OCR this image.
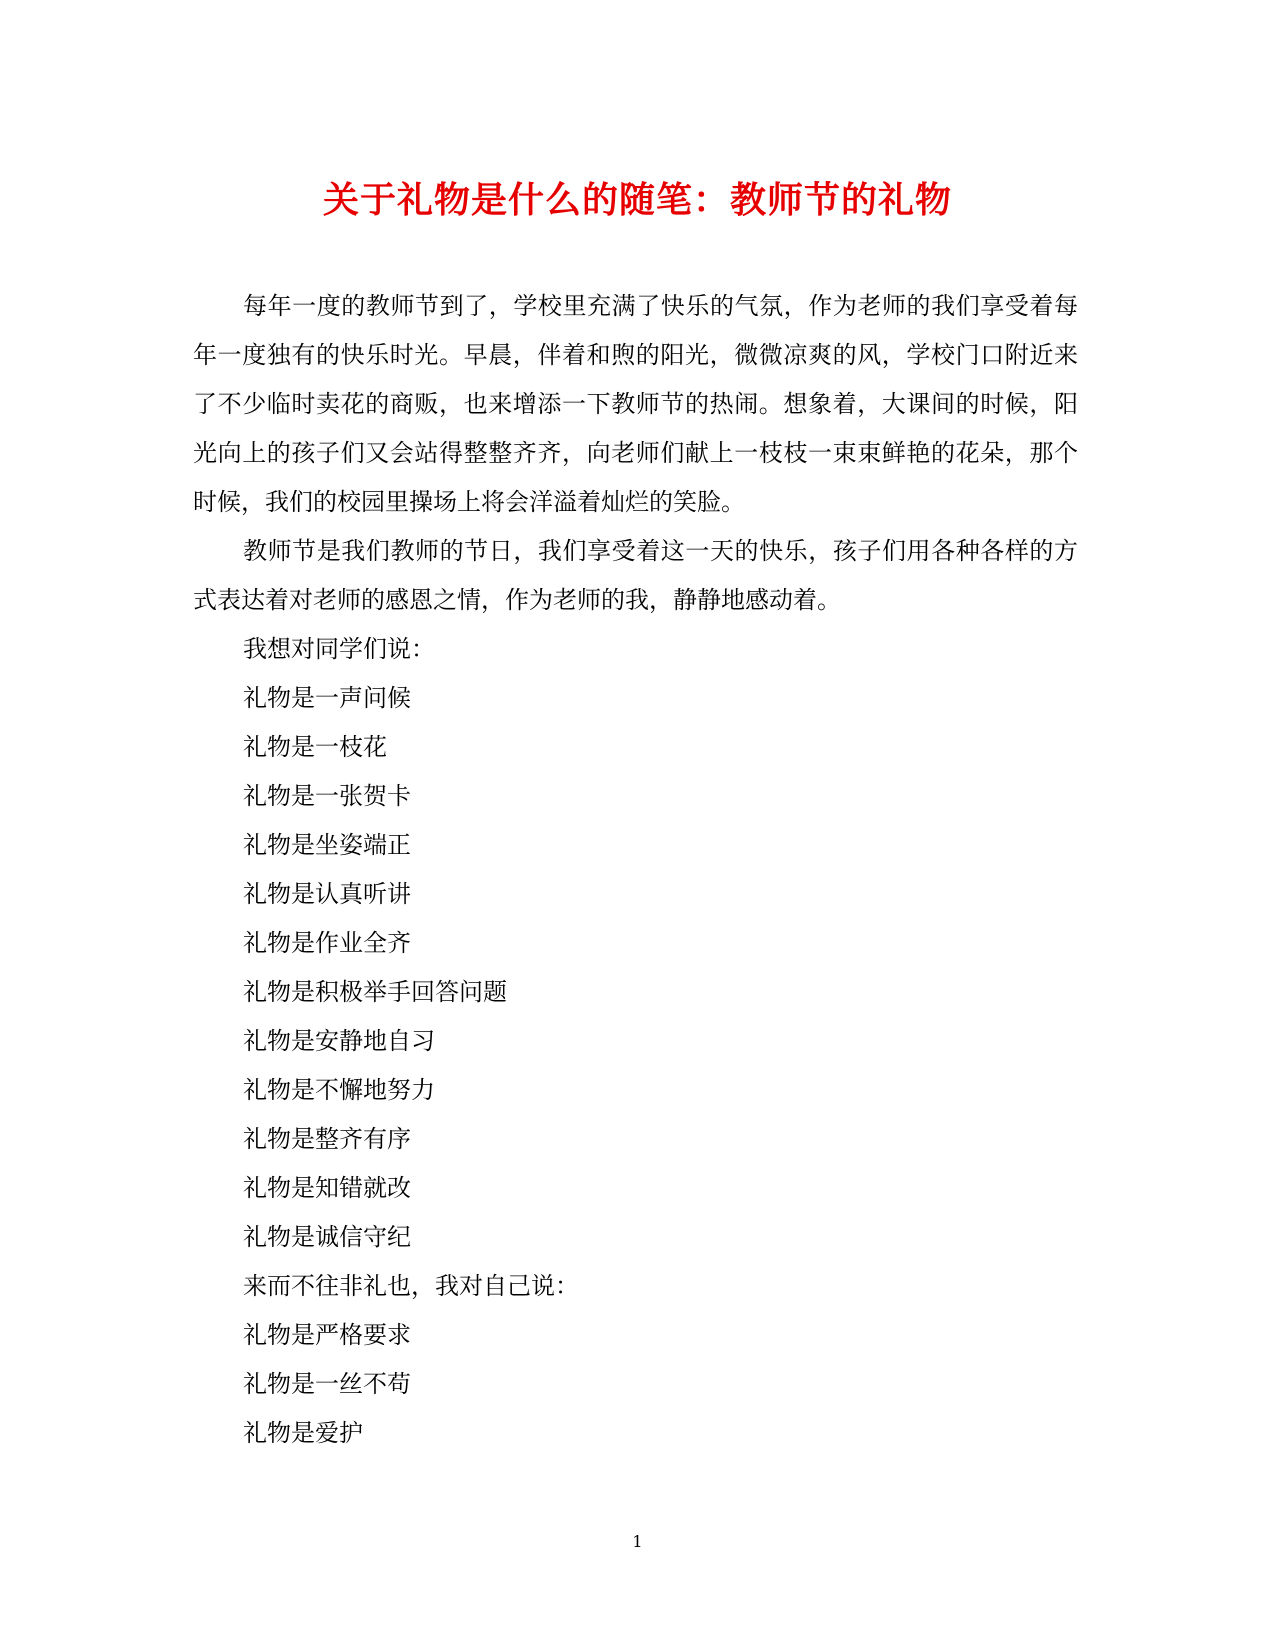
关于礼物是什么的随笔：教师节的礼物

每年一度的教师节到了，学校里充满了快乐的气氛，作为老师的我们享受着每年一度独有的快乐时光。早晨，伴着和煦的阳光，微微凉爽的风，学校门口附近来了不少临时卖花的商贩，也来增添一下教师节的热闹。想象着，大课间的时候，阳光向上的孩子们又会站得整整齐齐，向老师们献上一枝枝一束束鲜艳的花朵，那个时候，我们的校园里操场上将会洋溢着灿烂的笑脸。

教师节是我们教师的节日，我们享受着这一天的快乐，孩子们用各种各样的方式表达着对老师的感恩之情，作为老师的我，静静地感动着。

我想对同学们说：

礼物是一声问候

礼物是一枝花

礼物是一张贺卡

礼物是坐姿端正

礼物是认真听讲

礼物是作业全齐

礼物是积极举手回答问题

礼物是安静地自习

礼物是不懈地努力

礼物是整齐有序

礼物是知错就改

礼物是诚信守纪

来而不往非礼也，我对自己说：

礼物是严格要求

礼物是一丝不苟

礼物是爱护

1
